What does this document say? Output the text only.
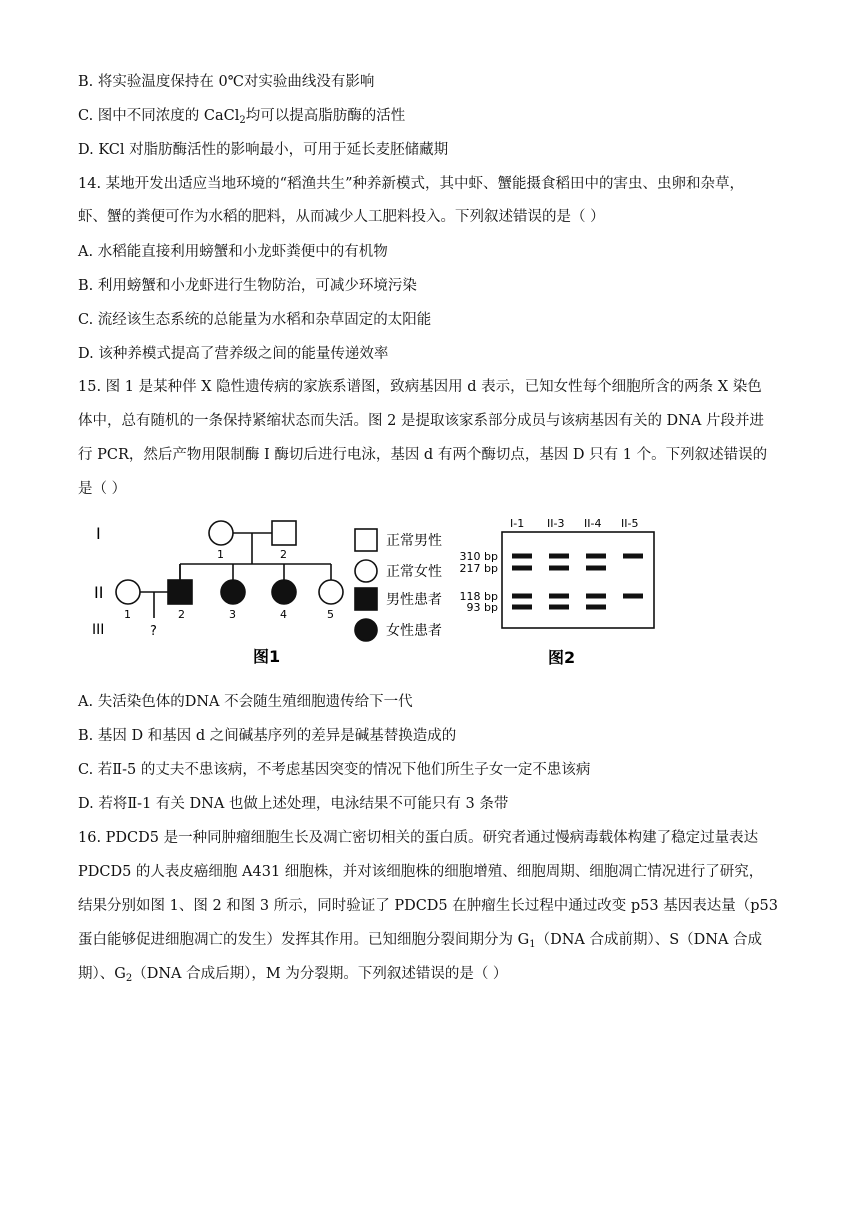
B. 将实验温度保持在 0℃对实验曲线没有影响
C. 图中不同浓度的 CaCl$_2$均可以提高脂肪酶的活性
D. KCl 对脂肪酶活性的影响最小，可用于延长麦胚储藏期
14. 某地开发出适应当地环境的“稻渔共生”种养新模式，其中虾、蟹能摄食稻田中的害虫、虫卵和杂草，
虾、蟹的粪便可作为水稻的肥料，从而减少人工肥料投入。下列叙述错误的是（ ）
A. 水稻能直接利用螃蟹和小龙虾粪便中的有机物
B. 利用螃蟹和小龙虾进行生物防治，可减少环境污染
C. 流经该生态系统的总能量为水稻和杂草固定的太阳能
D. 该种养模式提高了营养级之间的能量传递效率
15. 图 1 是某种伴 X 隐性遗传病的家族系谱图，致病基因用 d 表示，已知女性每个细胞所含的两条 X 染色
体中，总有随机的一条保持紧缩状态而失活。图 2 是提取该家系部分成员与该病基因有关的 DNA 片段并进
行 PCR，然后产物用限制酶 I 酶切后进行电泳，基因 d 有两个酶切点，基因 D 只有 1 个。下列叙述错误的
是（ ）
I
II
III
1	2
1	2	3	4	5
?
图1
正常男性
正常女性
男性患者
女性患者
I-1 II-3 II-4 II-5
310 bp
217 bp
118 bp
93 bp
图2
A. 失活染色体的DNA 不会随生殖细胞遗传给下一代
B. 基因 D 和基因 d 之间碱基序列的差异是碱基替换造成的
C. 若Ⅱ-5 的丈夫不患该病，不考虑基因突变的情况下他们所生子女一定不患该病
D. 若将Ⅱ-1 有关 DNA 也做上述处理，电泳结果不可能只有 3 条带
16. PDCD5 是一种同肿瘤细胞生长及凋亡密切相关的蛋白质。研究者通过慢病毒载体构建了稳定过量表达
PDCD5 的人表皮癌细胞 A431 细胞株，并对该细胞株的细胞增殖、细胞周期、细胞凋亡情况进行了研究，
结果分别如图 1、图 2 和图 3 所示，同时验证了 PDCD5 在肿瘤生长过程中通过改变 p53 基因表达量（p53
蛋白能够促进细胞凋亡的发生）发挥其作用。已知细胞分裂间期分为 $G_1(DNA$ 合成前期）、S（DNA 合成
期）、$G_2(DNA$ 合成后期），M 为分裂期。下列叙述错误的是（ ）
